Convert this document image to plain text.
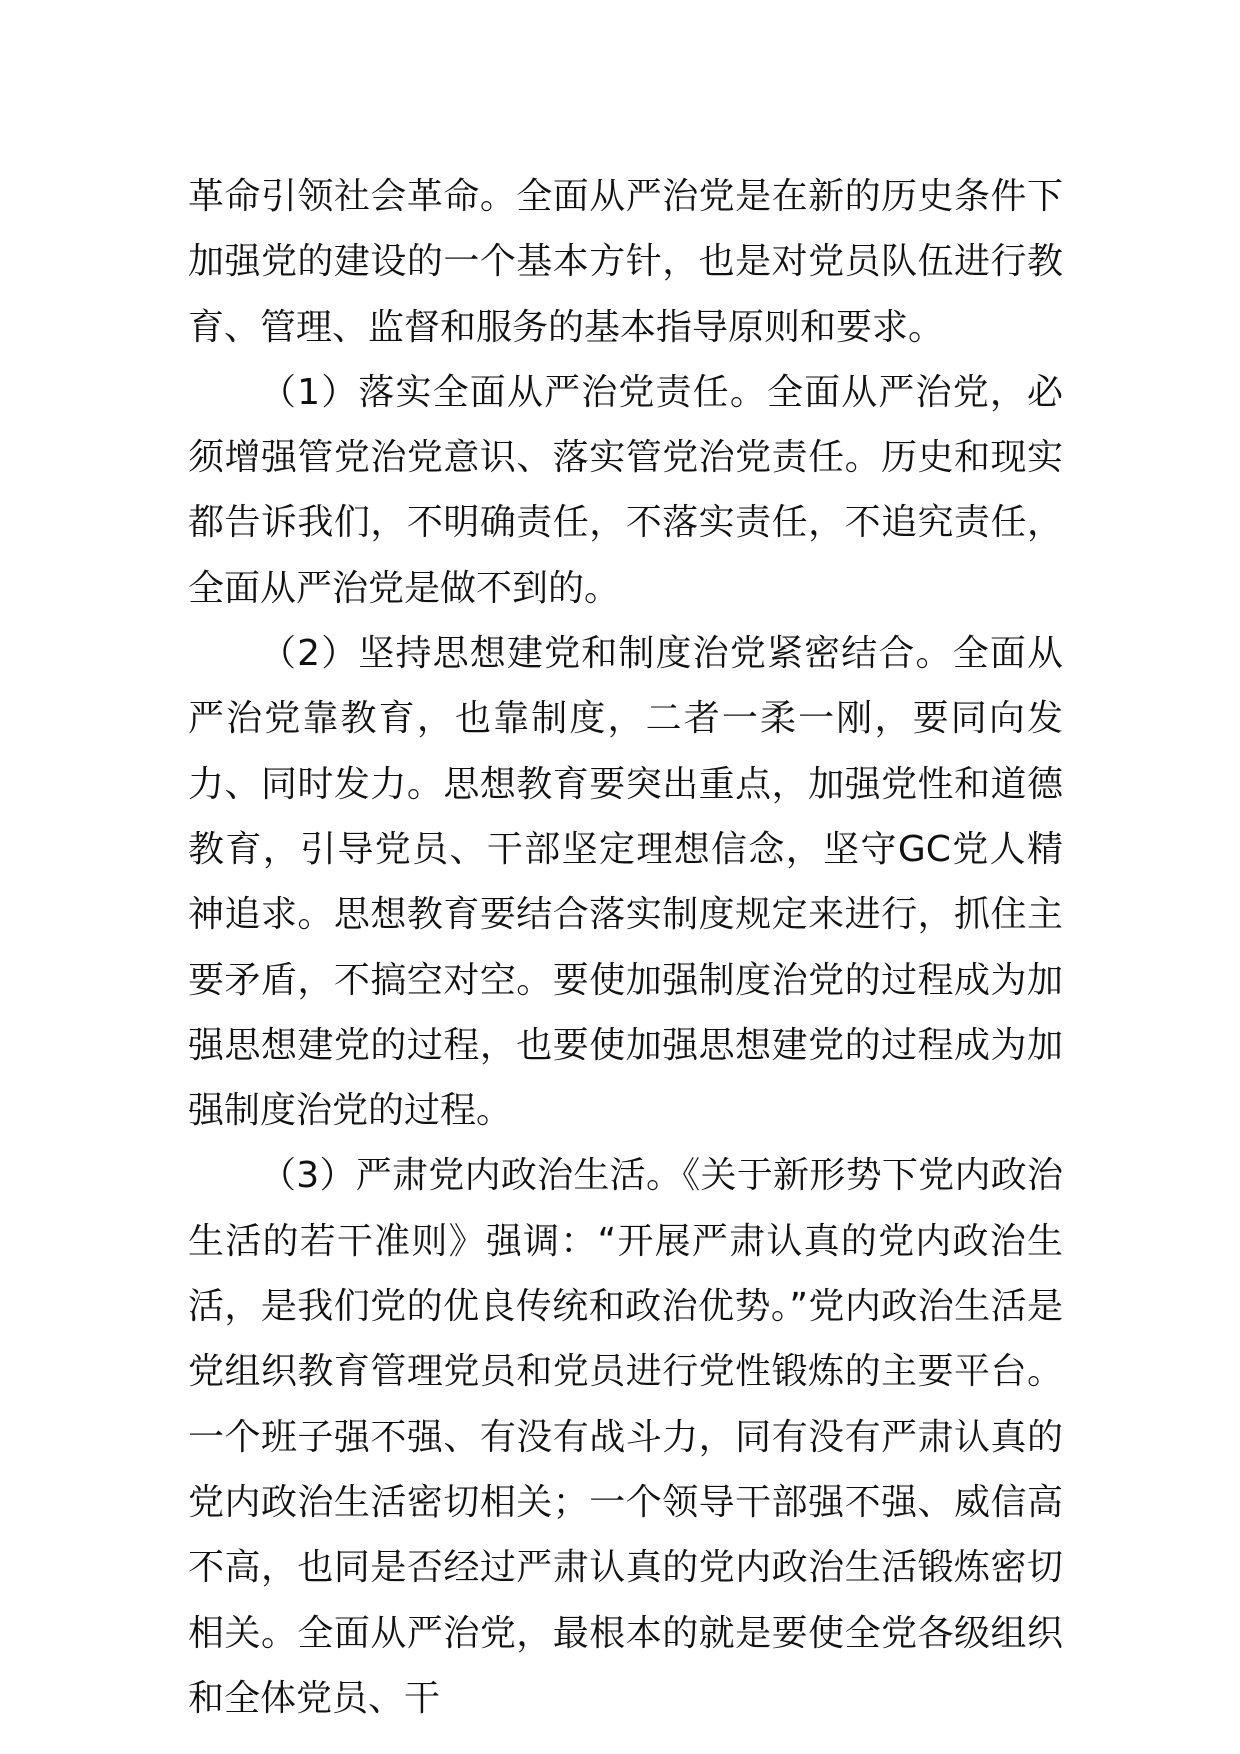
革命引领社会革命。全面从严治党是在新的历史条件下加强党的建设的一个基本方针，也是对党员队伍进行教育、管理、监督和服务的基本指导原则和要求。

（1）落实全面从严治党责任。全面从严治党，必须增强管党治党意识、落实管党治党责任。历史和现实都告诉我们，不明确责任，不落实责任，不追究责任，全面从严治党是做不到的。

（2）坚持思想建党和制度治党紧密结合。全面从严治党靠教育，也靠制度，二者一柔一刚，要同向发力、同时发力。思想教育要突出重点，加强党性和道德教育，引导党员、干部坚定理想信念，坚守GC党人精神追求。思想教育要结合落实制度规定来进行，抓住主要矛盾，不搞空对空。要使加强制度治党的过程成为加强思想建党的过程，也要使加强思想建党的过程成为加强制度治党的过程。

（3）严肃党内政治生活。《关于新形势下党内政治生活的若干准则》强调：“开展严肃认真的党内政治生活，是我们党的优良传统和政治优势。”党内政治生活是党组织教育管理党员和党员进行党性锻炼的主要平台。一个班子强不强、有没有战斗力，同有没有严肃认真的党内政治生活密切相关；一个领导干部强不强、威信高不高，也同是否经过严肃认真的党内政治生活锻炼密切相关。全面从严治党，最根本的就是要使全党各级组织和全体党员、干
